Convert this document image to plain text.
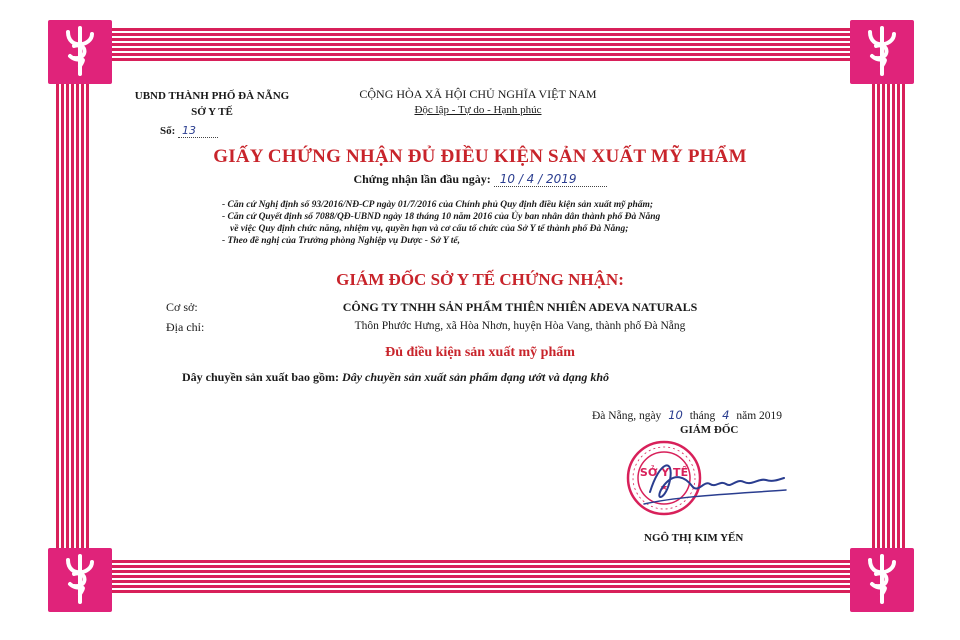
UBND THÀNH PHỐ ĐÀ NẴNG
SỞ Y TẾ
CỘNG HÒA XÃ HỘI CHỦ NGHĨA VIỆT NAM
Độc lập - Tự do - Hạnh phúc
Số: 13
GIẤY CHỨNG NHẬN ĐỦ ĐIỀU KIỆN SẢN XUẤT MỸ PHẨM
Chứng nhận lần đầu ngày: 10 / 4 / 2019
- Căn cứ Nghị định số 93/2016/NĐ-CP ngày 01/7/2016 của Chính phủ Quy định điều kiện sản xuất mỹ phẩm;
- Căn cứ Quyết định số 7088/QĐ-UBND ngày 18 tháng 10 năm 2016 của Ủy ban nhân dân thành phố Đà Nẵng
về việc Quy định chức năng, nhiệm vụ, quyền hạn và cơ cấu tổ chức của Sở Y tế thành phố Đà Nẵng;
- Theo đề nghị của Trưởng phòng Nghiệp vụ Dược - Sở Y tế,
GIÁM ĐỐC SỞ Y TẾ CHỨNG NHẬN:
Cơ sở:	CÔNG TY TNHH SẢN PHẨM THIÊN NHIÊN ADEVA NATURALS
Địa chỉ:	Thôn Phước Hưng, xã Hòa Nhơn, huyện Hòa Vang, thành phố Đà Nẵng
Đủ điều kiện sản xuất mỹ phẩm
Dây chuyền sản xuất bao gồm: Dây chuyền sản xuất sản phẩm dạng ướt và dạng khô
Đà Nẵng, ngày 10 tháng 4 năm 2019
GIÁM ĐỐC
SỞ Y TẾ
★
NGÔ THỊ KIM YẾN
